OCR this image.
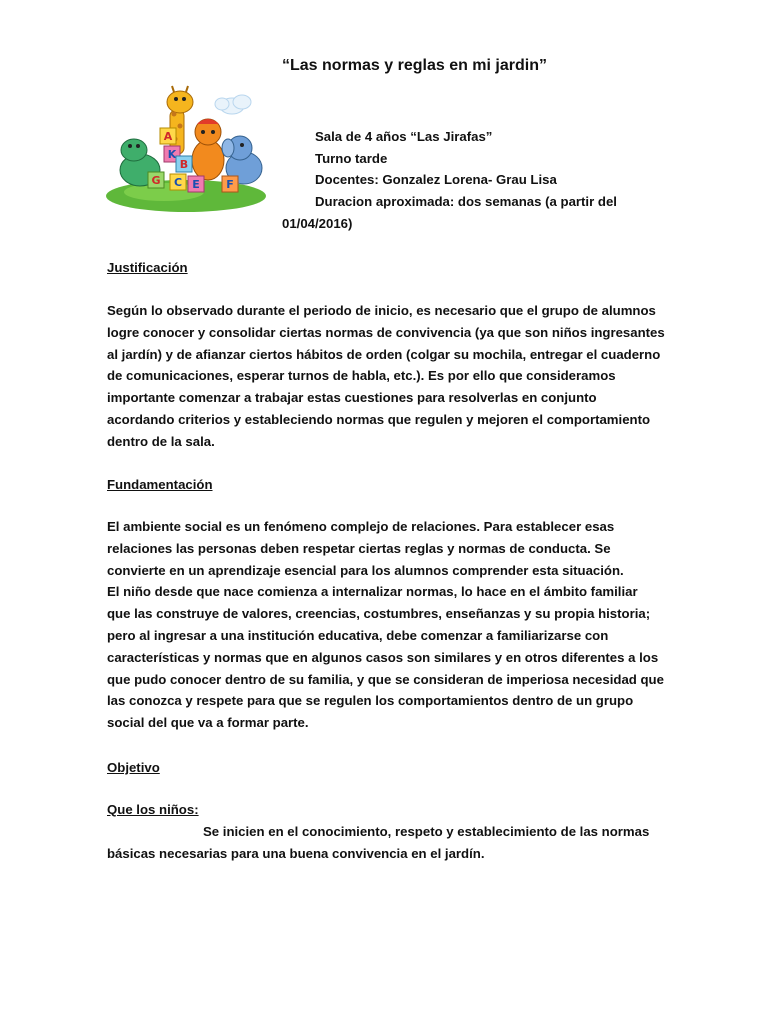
“Las normas y reglas en mi jardin”
A
K
B
G C E F
Sala de 4 años “Las Jirafas”
Turno tarde
Docentes: Gonzalez Lorena- Grau Lisa
Duracion aproximada: dos semanas (a partir del
01/04/2016)
Justificación
Según lo observado durante el periodo de inicio, es necesario que el grupo de alumnos
logre conocer y consolidar ciertas normas de convivencia (ya que son niños ingresantes
al jardín) y de afianzar ciertos hábitos de orden (colgar su mochila, entregar el cuaderno
de comunicaciones, esperar turnos de habla, etc.). Es por ello que consideramos
importante comenzar a trabajar estas cuestiones para resolverlas en conjunto
acordando criterios y estableciendo normas que regulen y mejoren el comportamiento
dentro de la sala.
Fundamentación
El ambiente social es un fenómeno complejo de relaciones. Para establecer esas
relaciones las personas deben respetar ciertas reglas y normas de conducta. Se
convierte en un aprendizaje esencial para los alumnos comprender esta situación.
El niño desde que nace comienza a internalizar normas, lo hace en el ámbito familiar
que las construye de valores, creencias, costumbres, enseñanzas y su propia historia;
pero al ingresar a una institución educativa, debe comenzar a familiarizarse con
características y normas que en algunos casos son similares y en otros diferentes a los
que pudo conocer dentro de su familia, y que se consideran de imperiosa necesidad que
las conozca y respete para que se regulen los comportamientos dentro de un grupo
social del que va a formar parte.
Objetivo
Que los niños:
Se inicien en el conocimiento, respeto y establecimiento de las normas
básicas necesarias para una buena convivencia en el jardín.
